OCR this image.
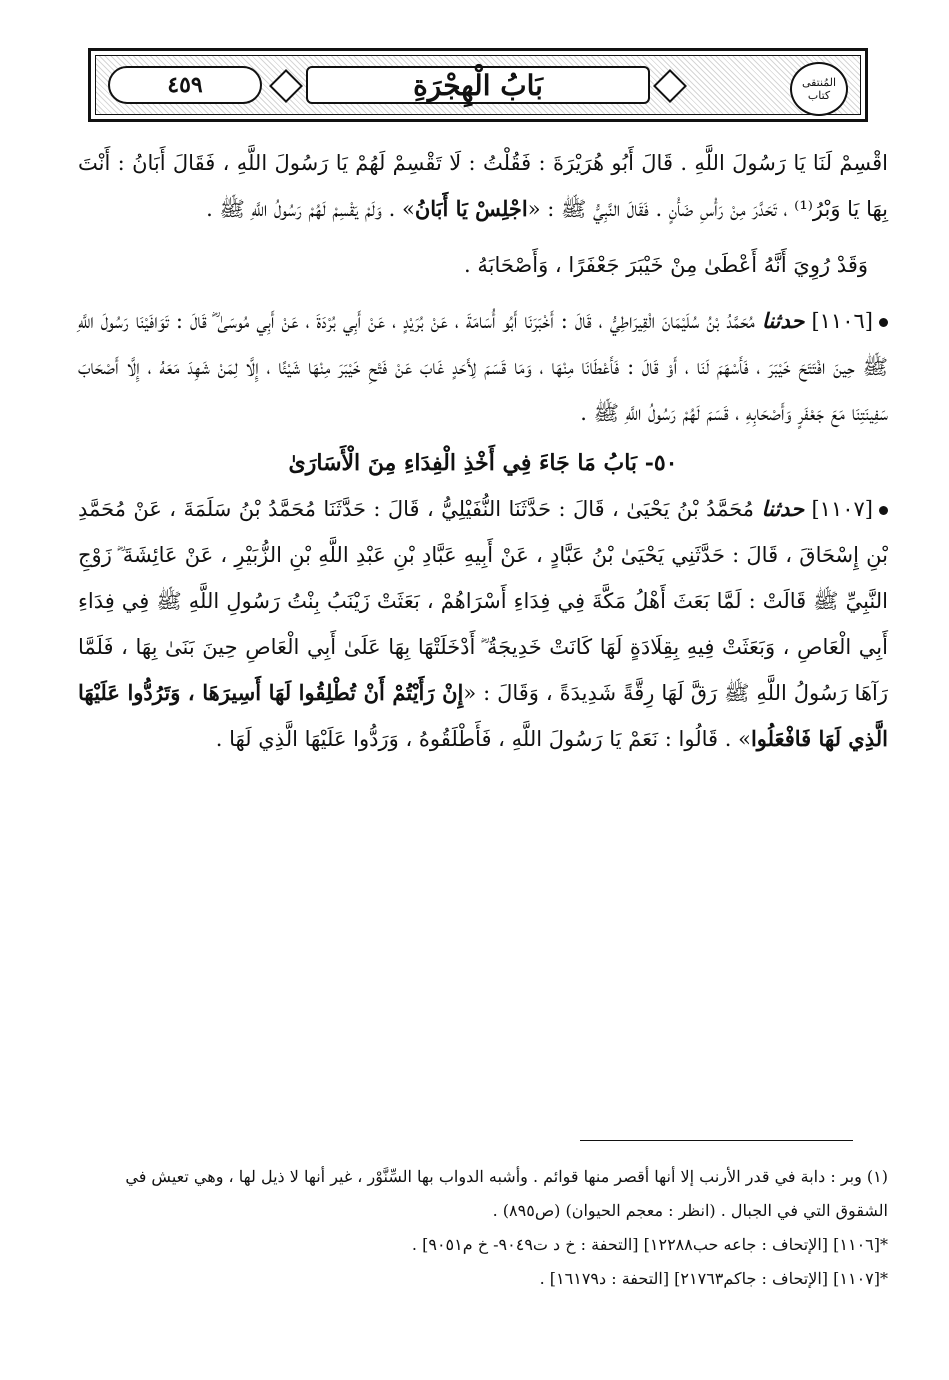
المُنتقى
كتاب
بَابُ الْهِجْرَةِ
٤٥٩

اقْسِمْ لَنَا يَا رَسُولَ اللَّهِ . قَالَ أَبُو هُرَيْرَةَ : فَقُلْتُ : لَا تَقْسِمْ لَهُمْ يَا رَسُولَ اللَّهِ ، فَقَالَ أَبَانُ : أَنْتَ بِهَا يَا وَبْرُ⁽¹⁾ ، تَحَدَّرَ مِنْ رَأْسِ ضَأْنٍ . فَقَالَ النَّبِيُّ ﷺ : «اجْلِسْ يَا أَبَانُ» . وَلَمْ يَقْسِمْ لَهُمْ رَسُولُ اللَّهِ ﷺ .

وَقَدْ رُوِيَ أَنَّهُ أَعْطَىٰ مِنْ خَيْبَرَ جَعْفَرًا ، وَأَصْحَابَهُ .

[١١٠٦] حدثنا مُحَمَّدُ بْنُ سُلَيْمَانَ الْقِيرَاطِيُّ ، قَالَ : أَخْبَرَنَا أَبُو أُسَامَةَ ، عَنْ بُرَيْدٍ ، عَنْ أَبِي بُرْدَةَ ، عَنْ أَبِي مُوسَىٰ ؓ قَالَ : تَوَافَيْنَا رَسُولَ اللَّهِ ﷺ حِينَ افْتَتَحَ خَيْبَرَ ، فَأَسْهَمَ لَنَا ، أَوْ قَالَ : فَأَعْطَانَا مِنْهَا ، وَمَا قَسَمَ لِأَحَدٍ غَابَ عَنْ فَتْحِ خَيْبَرَ مِنْهَا شَيْئًا ، إِلَّا لِمَنْ شَهِدَ مَعَهُ ، إِلَّا أَصْحَابَ سَفِينَتِنَا مَعَ جَعْفَرٍ وَأَصْحَابِهِ ، قَسَمَ لَهُمْ رَسُولُ اللَّهِ ﷺ .

٥٠- بَابُ مَا جَاءَ فِي أَخْذِ الْفِدَاءِ مِنَ الْأَسَارَىٰ

[١١٠٧] حدثنا مُحَمَّدُ بْنُ يَحْيَىٰ ، قَالَ : حَدَّثَنَا النُّفَيْلِيُّ ، قَالَ : حَدَّثَنَا مُحَمَّدُ بْنُ سَلَمَةَ ، عَنْ مُحَمَّدِ بْنِ إِسْحَاقَ ، قَالَ : حَدَّثَنِي يَحْيَىٰ بْنُ عَبَّادٍ ، عَنْ أَبِيهِ عَبَّادِ بْنِ عَبْدِ اللَّهِ بْنِ الزُّبَيْرِ ، عَنْ عَائِشَةَ ؓ زَوْجِ النَّبِيِّ ﷺ قَالَتْ : لَمَّا بَعَثَ أَهْلُ مَكَّةَ فِي فِدَاءِ أَسْرَاهُمْ ، بَعَثَتْ زَيْنَبُ بِنْتُ رَسُولِ اللَّهِ ﷺ فِي فِدَاءِ أَبِي الْعَاصِ ، وَبَعَثَتْ فِيهِ بِقِلَادَةٍ لَهَا كَانَتْ خَدِيجَةُ ؓ أَدْخَلَتْهَا بِهَا عَلَىٰ أَبِي الْعَاصِ حِينَ بَنَىٰ بِهَا ، فَلَمَّا رَآهَا رَسُولُ اللَّهِ ﷺ رَقَّ لَهَا رِقَّةً شَدِيدَةً ، وَقَالَ : «إِنْ رَأَيْتُمْ أَنْ تُطْلِقُوا لَهَا أَسِيرَهَا ، وَتَرُدُّوا عَلَيْهَا الَّذِي لَهَا فَافْعَلُوا» . قَالُوا : نَعَمْ يَا رَسُولَ اللَّهِ ، فَأَطْلَقُوهُ ، وَرَدُّوا عَلَيْهَا الَّذِي لَهَا .

(١) وبر : دابة في قدر الأرنب إلا أنها أقصر منها قوائم . وأشبه الدواب بها السِّنَّوْر ، غير أنها لا ذيل لها ، وهي تعيش في الشقوق التي في الجبال . (انظر : معجم الحيوان) (ص٨٩٥) .

*[١١٠٦] [الإتحاف : جاعه حب١٢٢٨٨] [التحفة : خ د ت٩٠٤٩- خ م٩٠٥١] .

*[١١٠٧] [الإتحاف : جاكم٢١٧٦٣] [التحفة : د١٦١٧٩] .
